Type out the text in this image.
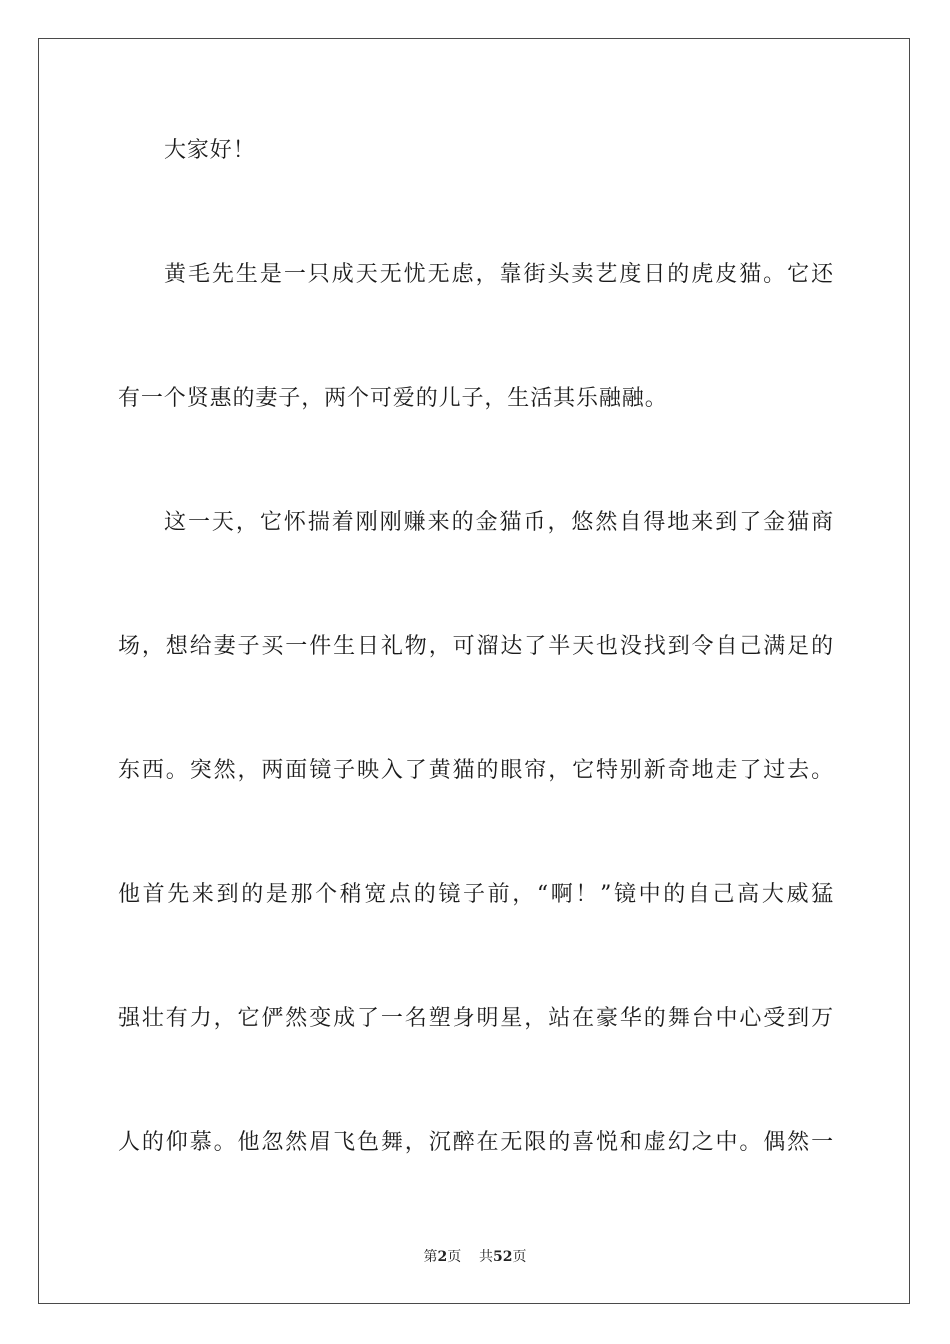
大家好！
黄毛先生是一只成天无忧无虑，靠街头卖艺度日的虎皮猫。它还
有一个贤惠的妻子，两个可爱的儿子，生活其乐融融。
这一天，它怀揣着刚刚赚来的金猫币，悠然自得地来到了金猫商
场，想给妻子买一件生日礼物，可溜达了半天也没找到令自己满足的
东西。突然，两面镜子映入了黄猫的眼帘，它特别新奇地走了过去。
他首先来到的是那个稍宽点的镜子前，“啊！”镜中的自己高大威猛
强壮有力，它俨然变成了一名塑身明星，站在豪华的舞台中心受到万
人的仰慕。他忽然眉飞色舞，沉醉在无限的喜悦和虚幻之中。偶然一
第2页 共52页
